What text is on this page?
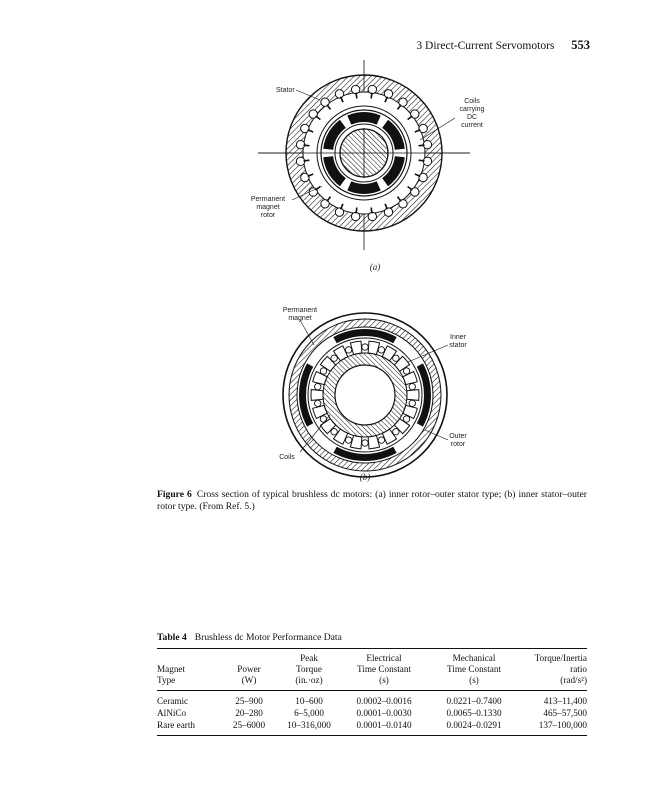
3 Direct-Current Servomotors 553
Stator
Coils
carrying
DC
current
Permanent
magnet
rotor
(a)
Permanent
magnet
Inner
stator
Outer
rotor
Coils
(b)
Figure 6 Cross section of typical brushless dc motors: (a) inner rotor–outer stator type; (b) inner stator–outer rotor type. (From Ref. 5.)
Table 4 Brushless dc Motor Performance Data
		Peak	Electrical	Mechanical	Torque/Inertia
Magnet	Power	Torque	Time Constant	Time Constant	ratio
Type	(W)	(in.·oz)	(s)	(s)	(rad/s²)
Ceramic	25–900	10–600	0.0002–0.0016	0.0221–0.7400	413–11,400
AlNiCo	20–280	6–5,000	0.0001–0.0030	0.0065–0.1330	465–57,500
Rare earth	25–6000	10–316,000	0.0001–0.0140	0.0024–0.0291	137–100,000
